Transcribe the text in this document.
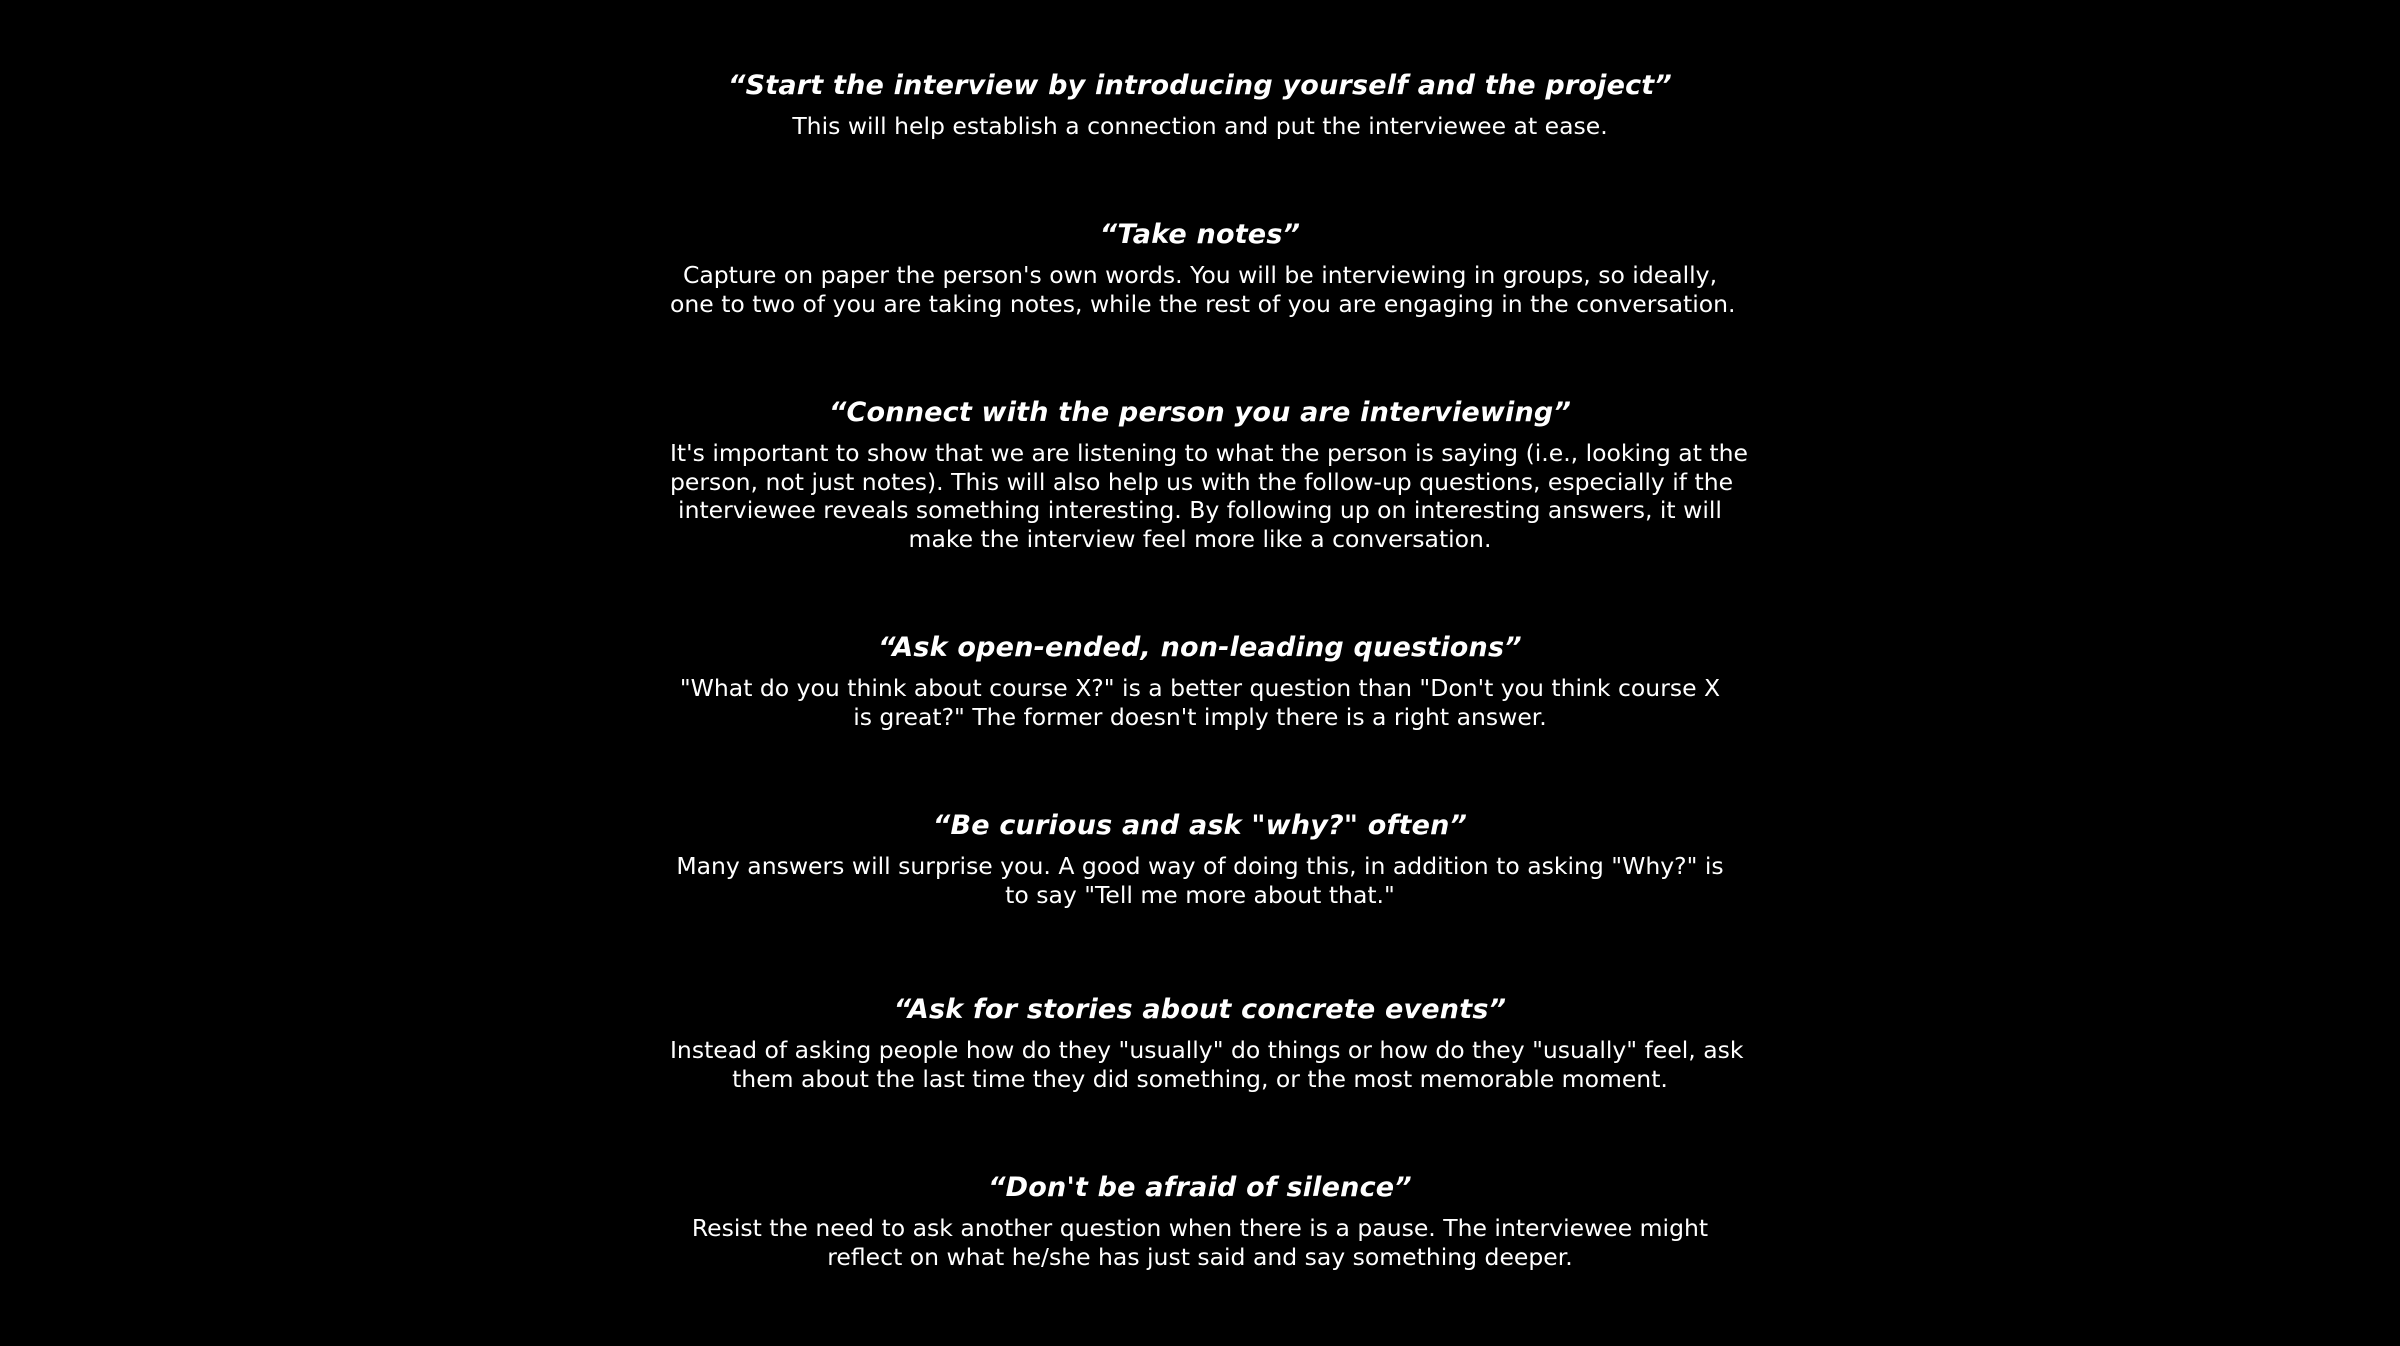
“Start the interview by introducing yourself and the project”
This will help establish a connection and put the interviewee at ease.
“Take notes”
Capture on paper the person's own words. You will be interviewing in groups, so ideally,
one to two of you are taking notes, while the rest of you are engaging in the conversation.
“Connect with the person you are interviewing”
It's important to show that we are listening to what the person is saying (i.e., looking at the
person, not just notes). This will also help us with the follow-up questions, especially if the
interviewee reveals something interesting. By following up on interesting answers, it will
make the interview feel more like a conversation.
“Ask open-ended, non-leading questions”
"What do you think about course X?" is a better question than "Don't you think course X
is great?" The former doesn't imply there is a right answer.
“Be curious and ask "why?" often”
Many answers will surprise you. A good way of doing this, in addition to asking "Why?" is
to say "Tell me more about that."
“Ask for stories about concrete events”
Instead of asking people how do they "usually" do things or how do they "usually" feel, ask
them about the last time they did something, or the most memorable moment.
“Don't be afraid of silence”
Resist the need to ask another question when there is a pause. The interviewee might
reflect on what he/she has just said and say something deeper.
